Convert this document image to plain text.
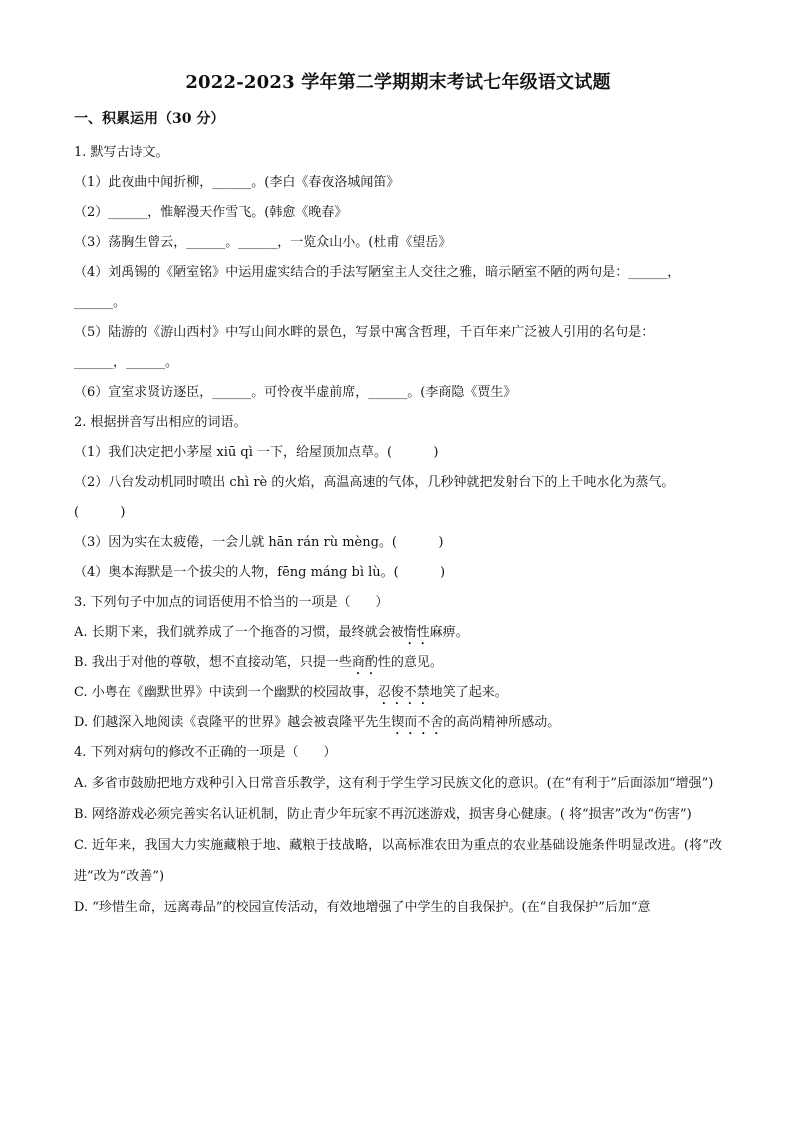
2022-2023 学年第二学期期末考试七年级语文试题
一、积累运用（30 分）
1. 默写古诗文。
（1）此夜曲中闻折柳，______。(李白《春夜洛城闻笛》
（2）______，惟解漫天作雪飞。(韩愈《晚春》
（3）荡胸生曾云，______。______，一览众山小。(杜甫《望岳》
（4）刘禹锡的《陋室铭》中运用虚实结合的手法写陋室主人交往之雅，暗示陋室不陋的两句是：______，
______。
（5）陆游的《游山西村》中写山间水畔的景色，写景中寓含哲理，千百年来广泛被人引用的名句是：
______，______。
（6）宣室求贤访逐臣，______。可怜夜半虚前席，______。(李商隐《贾生》
2. 根据拼音写出相应的词语。
（1）我们决定把小茅屋 xiū qì 一下，给屋顶加点草。(          )
（2）八台发动机同时喷出 chì rè 的火焰，高温高速的气体，几秒钟就把发射台下的上千吨水化为蒸气。
(          )
（3）因为实在太疲倦，一会儿就 hān rán rù mèng。(          )
（4）奥本海默是一个拔尖的人物，fēng máng bì lù。(          )
3. 下列句子中加点的词语使用不恰当的一项是（      ）
A. 长期下来，我们就养成了一个拖沓的习惯，最终就会被惰性麻痹。
B. 我出于对他的尊敬，想不直接动笔，只提一些商酌性的意见。
C. 小粤在《幽默世界》中读到一个幽默的校园故事，忍俊不禁地笑了起来。
D. 们越深入地阅读《袁隆平的世界》越会被袁隆平先生锲而不舍的高尚精神所感动。
4. 下列对病句的修改不正确的一项是（      ）
A. 多省市鼓励把地方戏种引入日常音乐教学，这有利于学生学习民族文化的意识。(在“有利于”后面添加“增强”)
B. 网络游戏必须完善实名认证机制，防止青少年玩家不再沉迷游戏，损害身心健康。( 将“损害”改为“伤害”)
C. 近年来，我国大力实施藏粮于地、藏粮于技战略，以高标准农田为重点的农业基础设施条件明显改进。(将“改进”改为“改善”)
D. “珍惜生命，远离毒品”的校园宣传活动，有效地增强了中学生的自我保护。(在“自我保护”后加“意
